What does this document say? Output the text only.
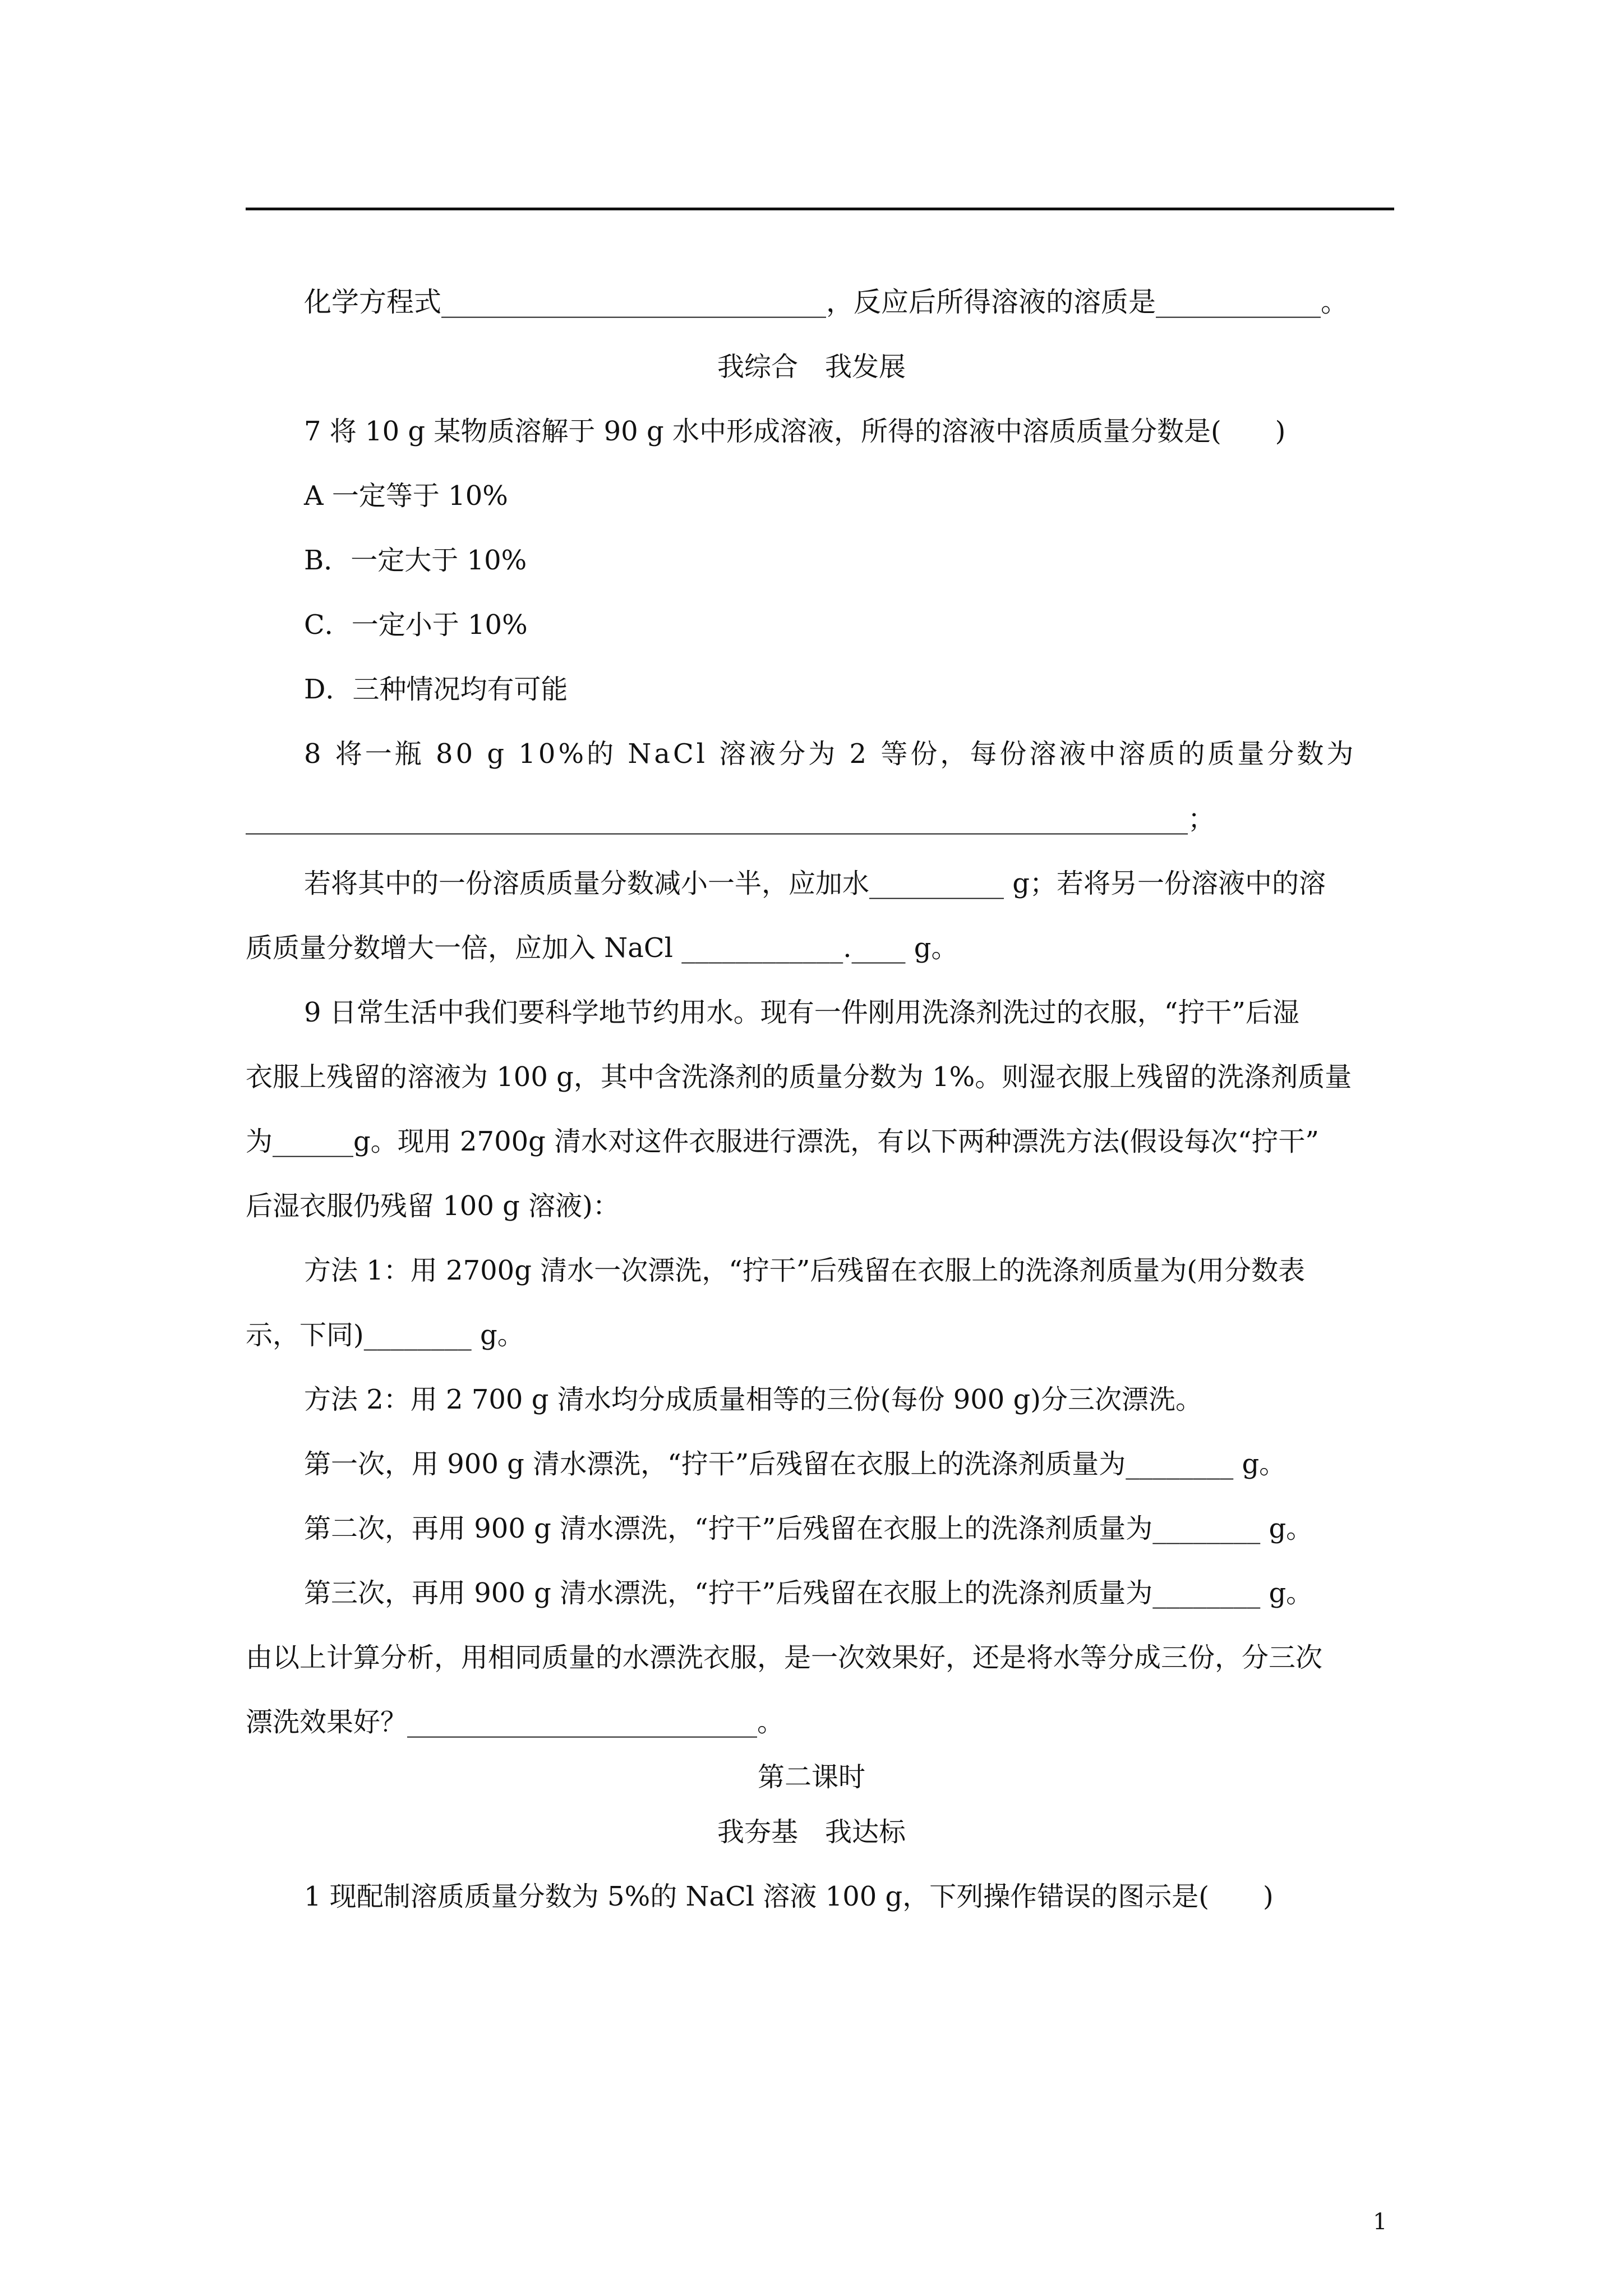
化学方程式____________________________，反应后所得溶液的溶质是____________。

我综合　我发展

7 将 10 g 某物质溶解于 90 g 水中形成溶液，所得的溶液中溶质质量分数是(　　)

A 一定等于 10%

B．一定大于 10%

C．一定小于 10%

D．三种情况均有可能

8 将一瓶 80 g 10%的 NaCl 溶液分为 2 等份，每份溶液中溶质的质量分数为

______________________________________________________________________；

若将其中的一份溶质质量分数减小一半，应加水__________ g；若将另一份溶液中的溶

质质量分数增大一倍，应加入 NaCl ____________.____ g。

9 日常生活中我们要科学地节约用水。现有一件刚用洗涤剂洗过的衣服，“拧干”后湿

衣服上残留的溶液为 100 g，其中含洗涤剂的质量分数为 1%。则湿衣服上残留的洗涤剂质量

为______g。现用 2700g 清水对这件衣服进行漂洗，有以下两种漂洗方法(假设每次“拧干”

后湿衣服仍残留 100 g 溶液)：

方法 1：用 2700g 清水一次漂洗，“拧干”后残留在衣服上的洗涤剂质量为(用分数表

示，下同)________ g。

方法 2：用 2 700 g 清水均分成质量相等的三份(每份 900 g)分三次漂洗。

第一次，用 900 g 清水漂洗，“拧干”后残留在衣服上的洗涤剂质量为________ g。

第二次，再用 900 g 清水漂洗，“拧干”后残留在衣服上的洗涤剂质量为________ g。

第三次，再用 900 g 清水漂洗，“拧干”后残留在衣服上的洗涤剂质量为________ g。

由以上计算分析，用相同质量的水漂洗衣服，是一次效果好，还是将水等分成三份，分三次

漂洗效果好？__________________________。

第二课时

我夯基　我达标

1 现配制溶质质量分数为 5%的 NaCl 溶液 100 g，下列操作错误的图示是(　　)

1
